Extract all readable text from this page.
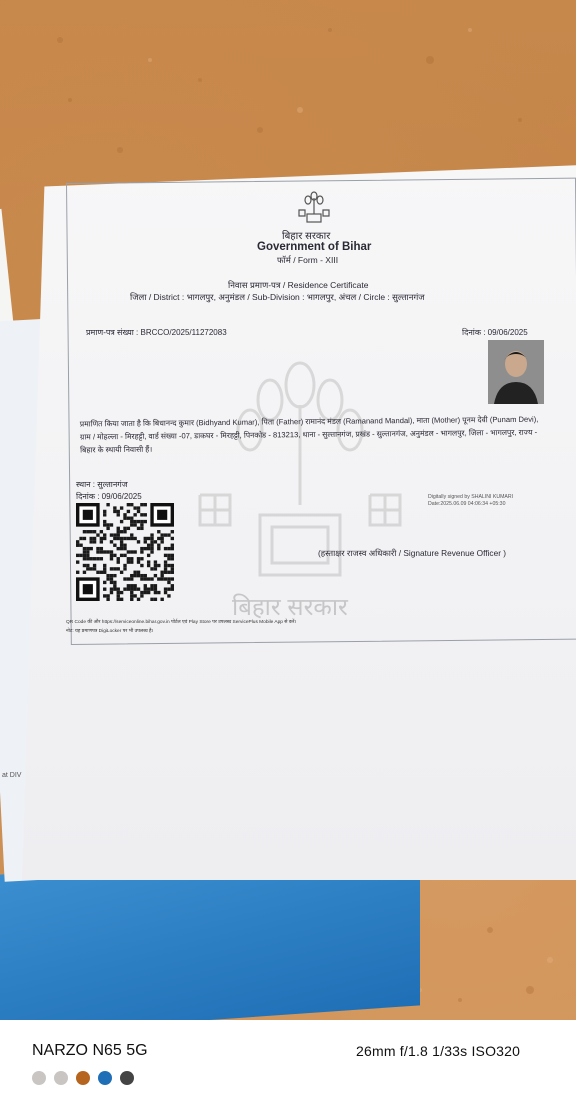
at DIV
बिहार सरकार
बिहार सरकार
Government of Bihar
फॉर्म / Form - XIII
निवास प्रमाण-पत्र / Residence Certificate
जिला / District : भागलपुर, अनुमंडल / Sub-Division : भागलपुर, अंचल / Circle : सुल्तानगंज
प्रमाण-पत्र संख्या : BRCCO/2025/11272083	दिनांक : 09/06/2025
प्रमाणित किया जाता है कि बिधानन्द कुमार (Bidhyand Kumar), पिता (Father) रामानंद मंडल (Ramanand Mandal), माता (Mother) पूनम देवी (Punam Devi), ग्राम / मोहल्ला - मिरहट्टी, वार्ड संख्या -07, डाकघर - मिरहट्टी, पिनकोड - 813213, थाना - सुल्तानगंज, प्रखंड - सुल्तानगंज, अनुमंडल - भागलपुर, जिला - भागलपुर, राज्य - बिहार के स्थायी निवासी हैं।
स्थान : सुल्तानगंज
दिनांक : 09/06/2025	Digitally signed by SHALINI KUMARI
Date:2025.06.09 04:06:34 +05:30
(हस्ताक्षर राजस्व अधिकारी / Signature Revenue Officer )
QR Code की और https://serviceonline.bihar.gov.in पोर्टल एवं Play Store पर उपलब्ध ServicePlus Mobile App से करें।
नोट: यह प्रमाणपत्र DigiLocker पर भी उपलब्ध है।
NARZO N65 5G	26mm f/1.8 1/33s ISO320
